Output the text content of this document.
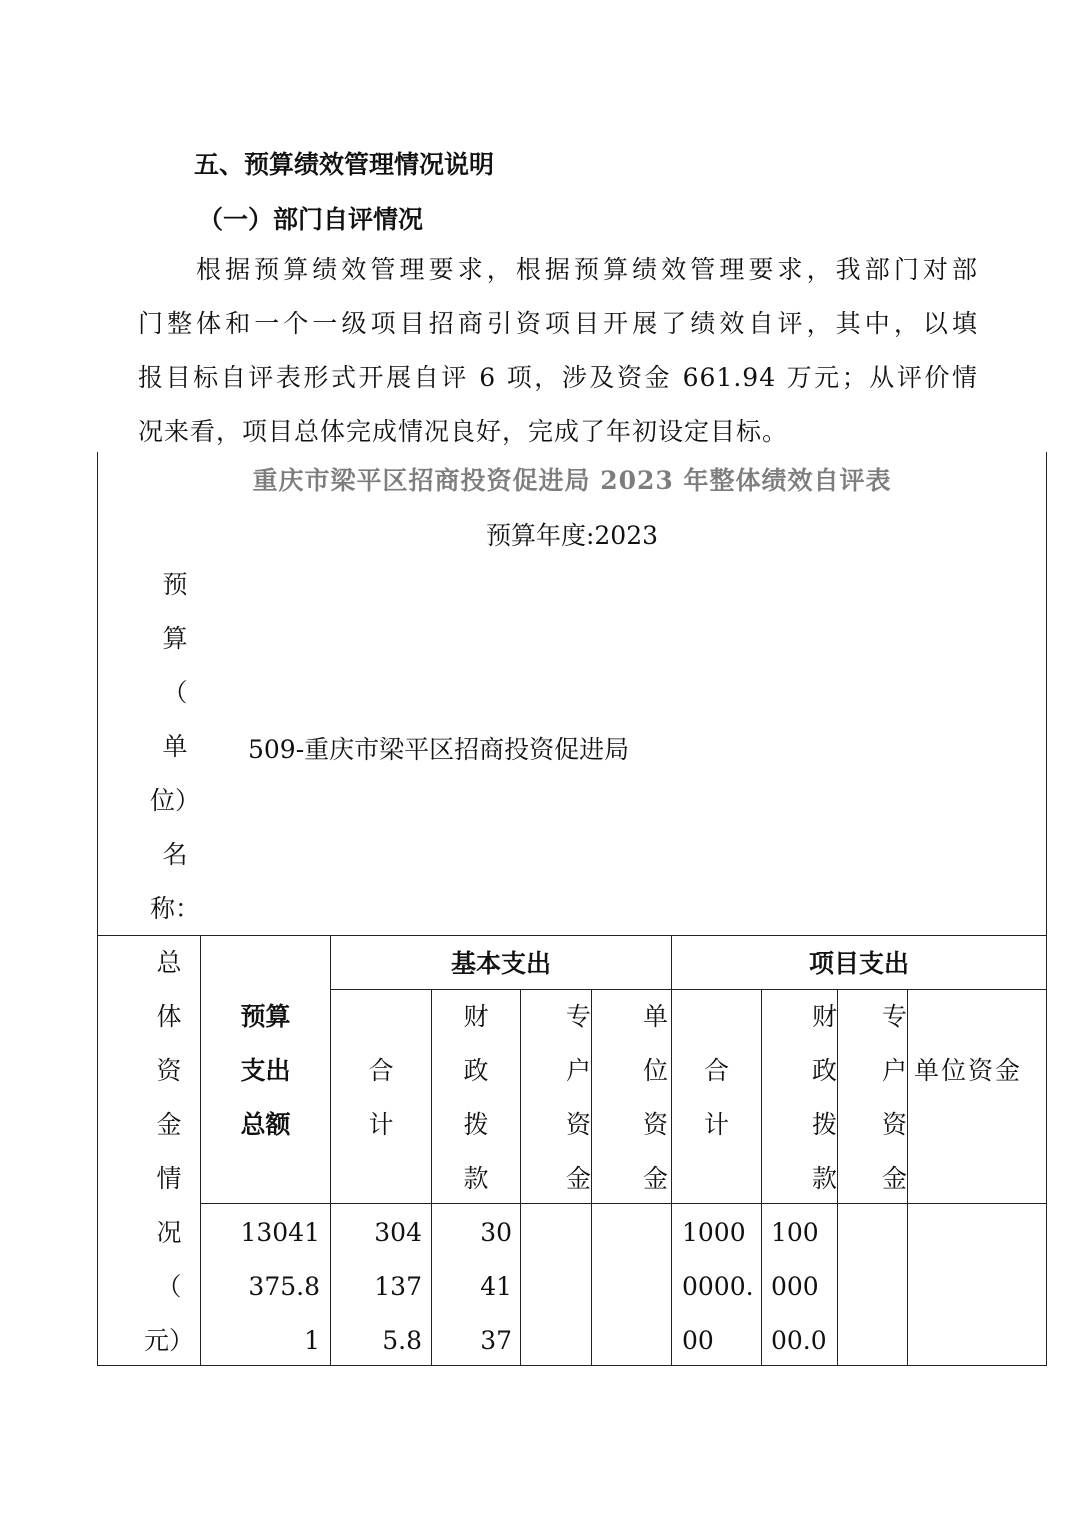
五、预算绩效管理情况说明
（一）部门自评情况
根据预算绩效管理要求，根据预算绩效管理要求，我部门对部
门整体和一个一级项目招商引资项目开展了绩效自评，其中，以填
报目标自评表形式开展自评 6 项，涉及资金 661.94 万元；从评价情
况来看，项目总体完成情况良好，完成了年初设定目标。
重庆市梁平区招商投资促进局 2023 年整体绩效自评表
预算年度:2023
预
算
（
单
位）
名
称：
509-重庆市梁平区招商投资促进局
总
体
资
金
情
况
（
元）
预算
支出
总额
基本支出	项目支出
合
计
财
政
拨
款
专
户
资
金
单
位
资
金
合
计
财
政
拨
款
专
户
资
金
单位资金
13041
375.8
1
304
137
5.8
30
41
37
1000
0000.
00
100
000
00.0
